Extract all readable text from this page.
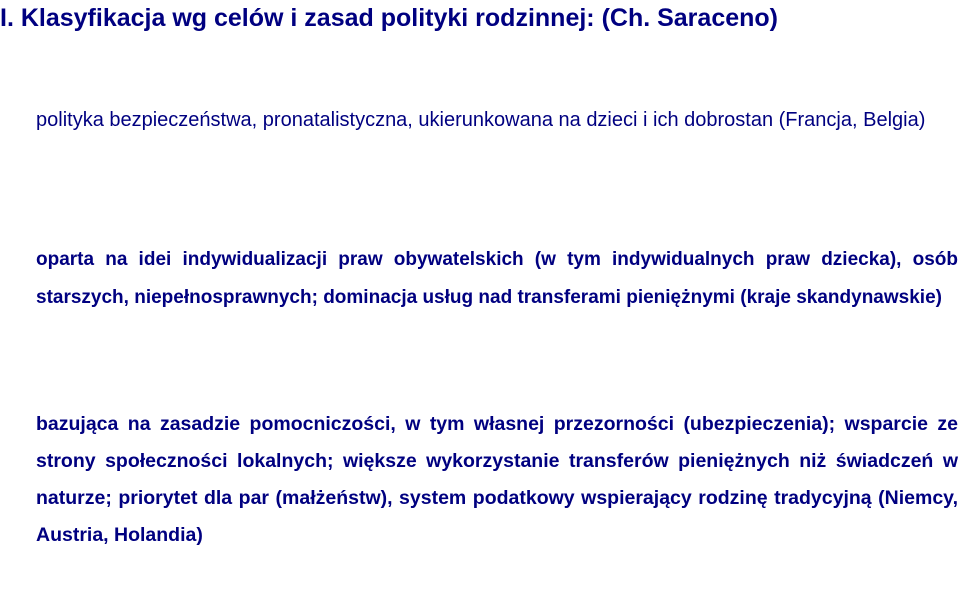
I. Klasyfikacja wg celów i zasad polityki rodzinnej: (Ch. Saraceno)

polityka bezpieczeństwa, pronatalistyczna, ukierunkowana na dzieci i ich dobrostan (Francja, Belgia)

oparta na idei indywidualizacji praw obywatelskich (w tym indywidualnych praw dziecka), osób starszych, niepełnosprawnych; dominacja usług nad transferami pieniężnymi (kraje skandynawskie)

bazująca na zasadzie pomocniczości, w tym własnej przezorności (ubezpieczenia); wsparcie ze strony społeczności lokalnych; większe wykorzystanie transferów pieniężnych niż świadczeń w naturze; priorytet dla par (małżeństw), system podatkowy wspierający rodzinę tradycyjną (Niemcy, Austria, Holandia)
